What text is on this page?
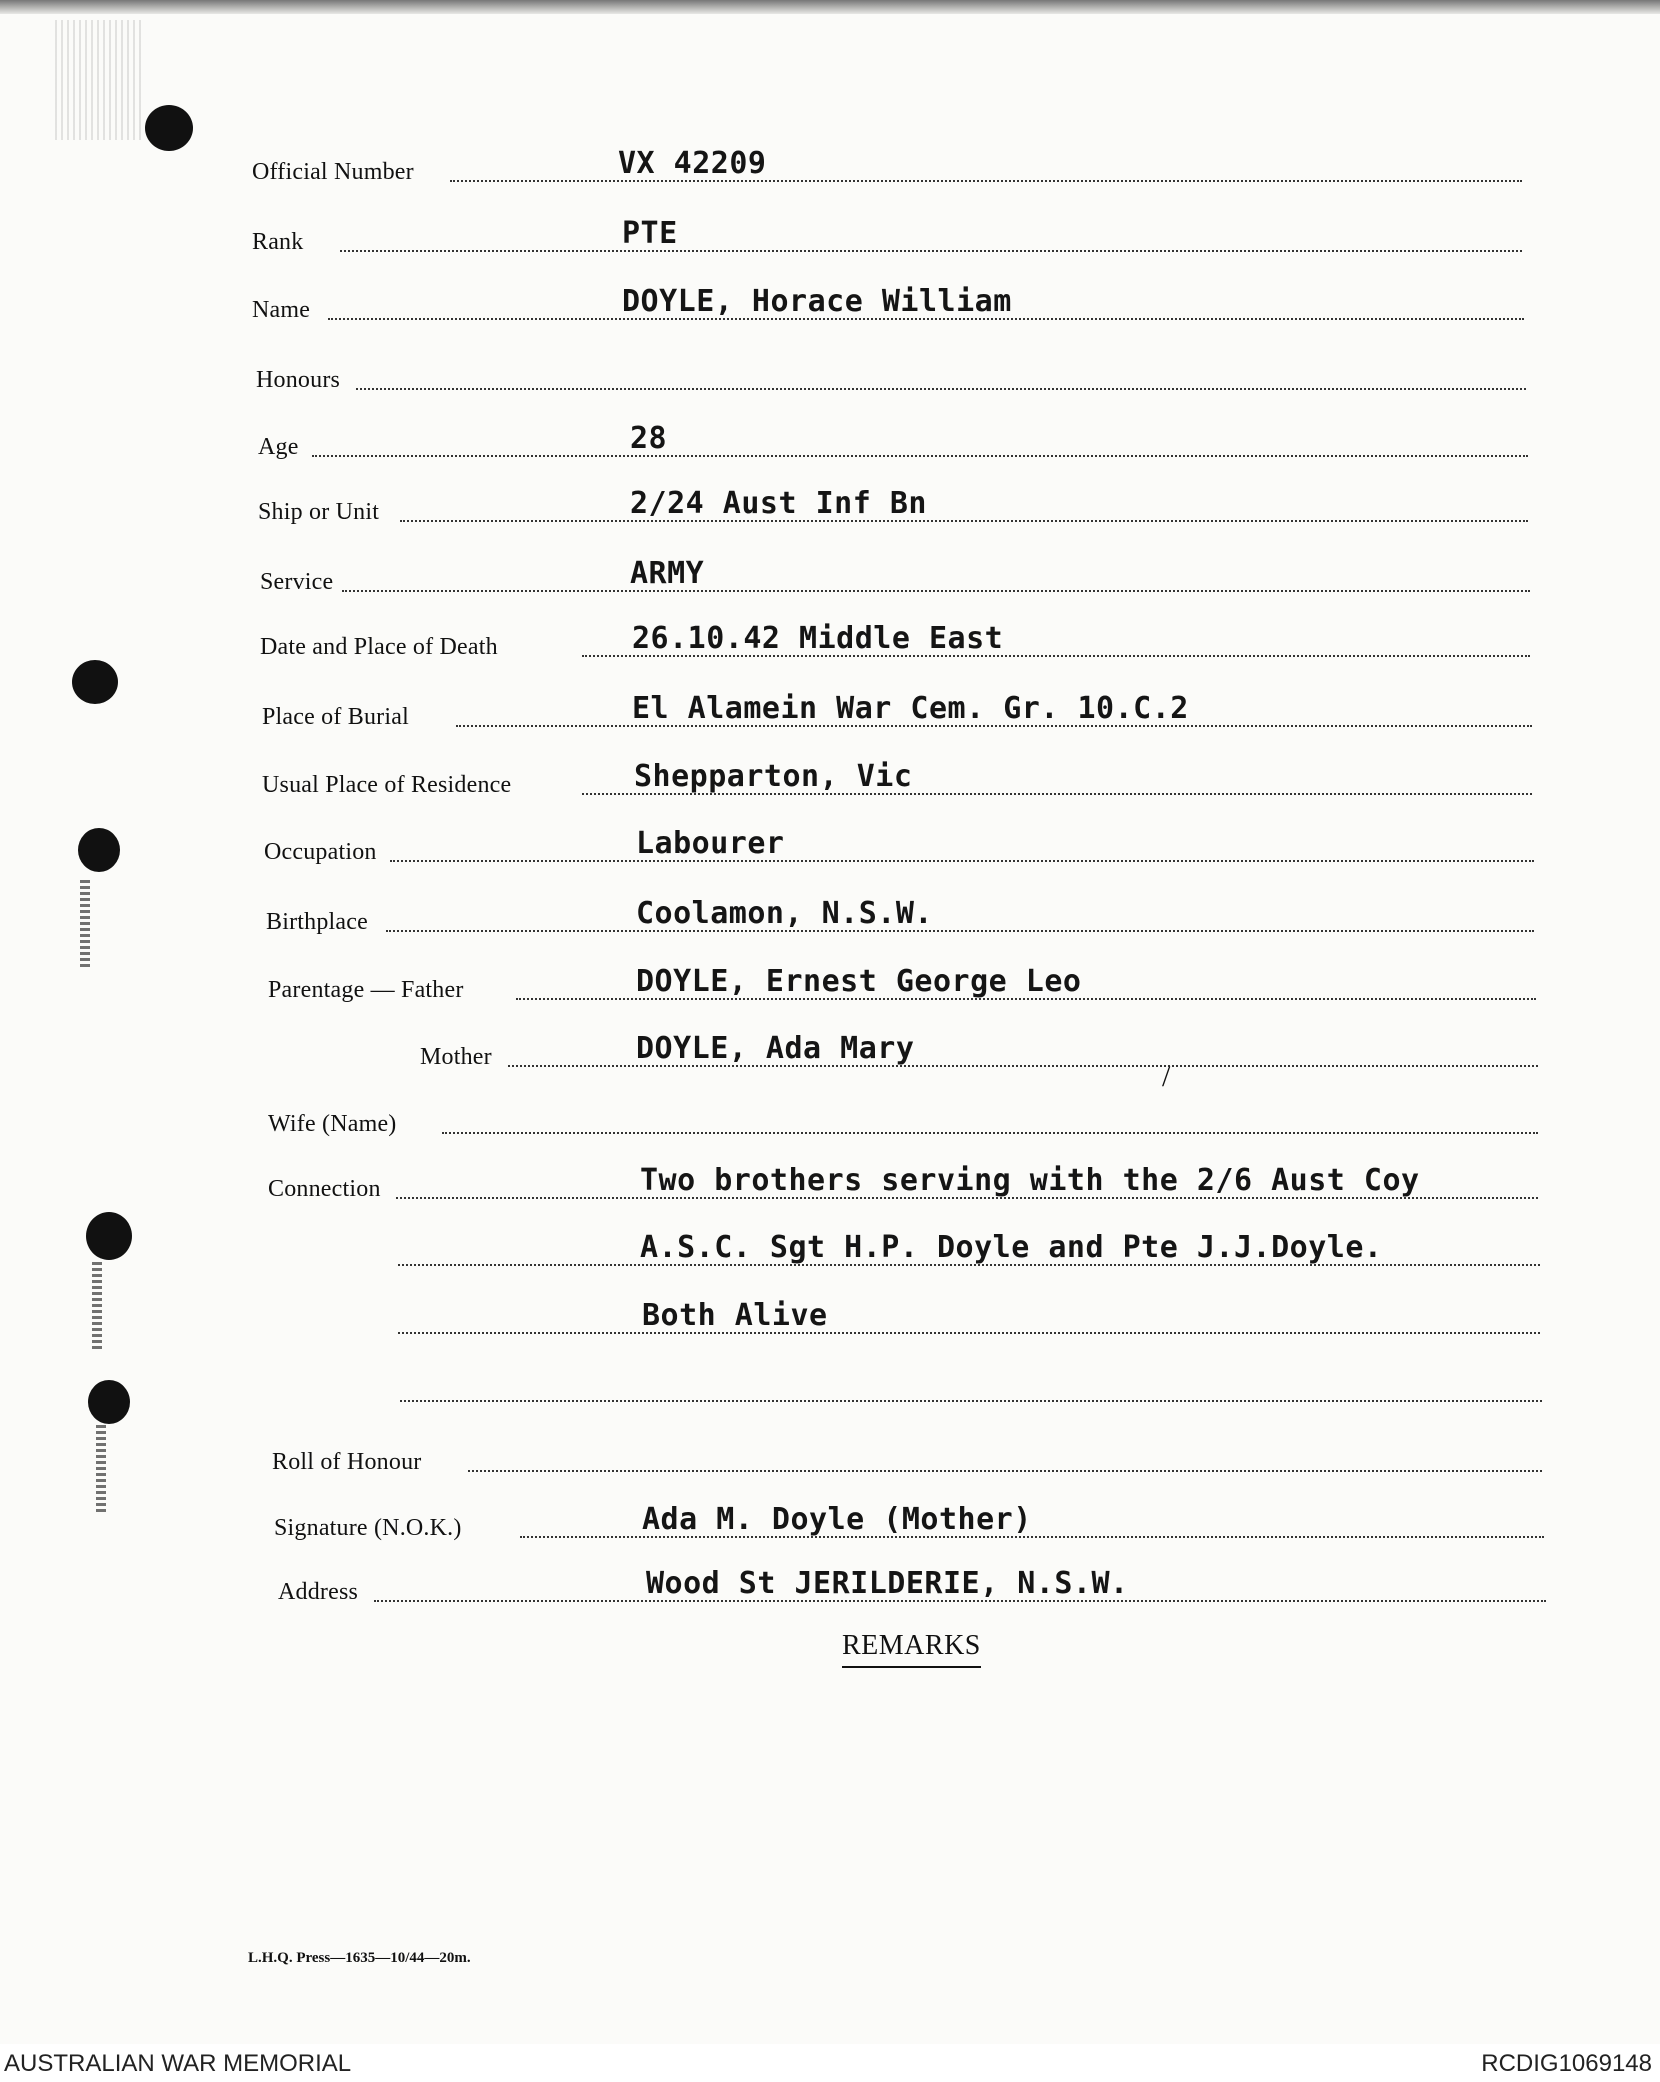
Official Number	VX 42209
Rank	PTE
Name	DOYLE, Horace William
Honours
Age	28
Ship or Unit	2/24 Aust Inf Bn
Service	ARMY
Date and Place of Death	26.10.42 Middle East
Place of Burial	El Alamein War Cem. Gr. 10.C.2
Usual Place of Residence	Shepparton, Vic
Occupation	Labourer
Birthplace	Coolamon, N.S.W.
Parentage — Father	DOYLE, Ernest George Leo
Mother	DOYLE, Ada Mary
Wife (Name)
Connection	Two brothers serving with the 2/6 Aust Coy
A.S.C. Sgt H.P. Doyle and Pte J.J.Doyle.
Both Alive
Roll of Honour
Signature (N.O.K.)	Ada M. Doyle (Mother)
Address	Wood St JERILDERIE, N.S.W.
/
REMARKS
L.H.Q. Press—1635—10/44—20m.
AUSTRALIAN WAR MEMORIAL	RCDIG1069148
